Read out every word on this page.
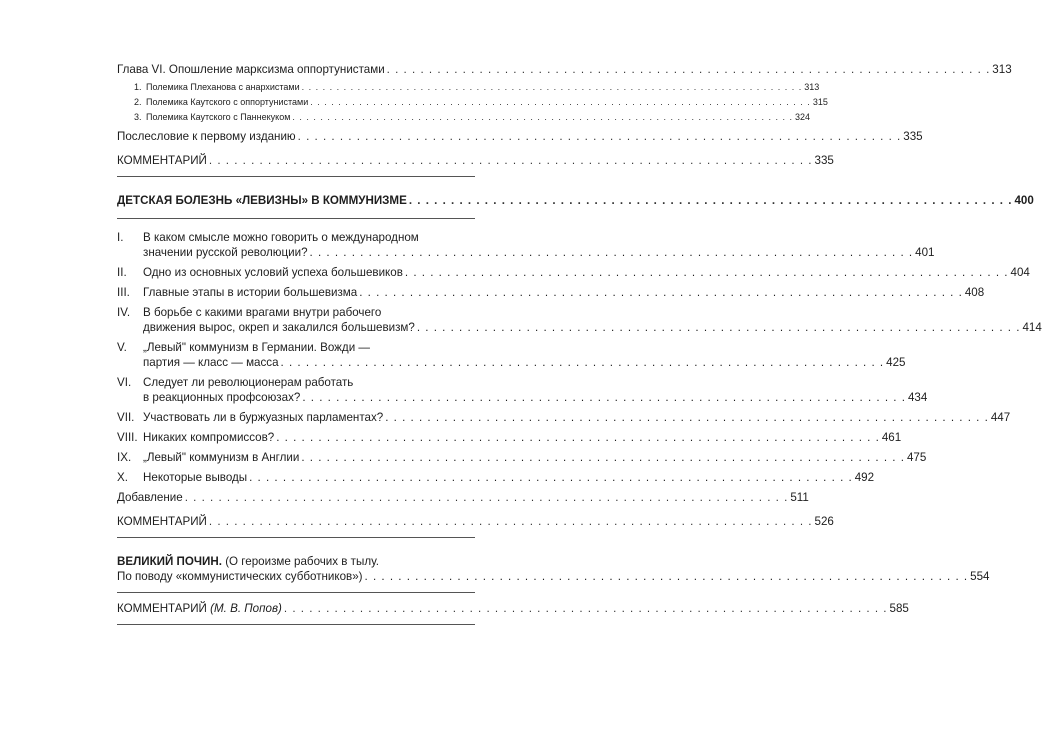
Глава VI. Опошление марксизма оппортунистами . . .	313
1. Полемика Плеханова с анархистами . . .	313
2. Полемика Каутского с оппортунистами . . .	315
3. Полемика Каутского с Паннекуком . . .	324
Послесловие к первому изданию . . .	335
КОММЕНТАРИЙ . . .	335
ДЕТСКАЯ БОЛЕЗНЬ «ЛЕВИЗНЫ» В КОММУНИЗМЕ . . .	400
I.	В каком смысле можно говорить о международном
значении русской революции? . . .	401
II.	Одно из основных условий успеха большевиков . . .	404
III.	Главные этапы в истории большевизма . . .	408
IV.	В борьбе с какими врагами внутри рабочего
движения вырос, окреп и закалился большевизм? . . .	414
V.	„Левый" коммунизм в Германии. Вожди —
партия — класс — масса . . .	425
VI.	Следует ли революционерам работать
в реакционных профсоюзах? . . .	434
VII. Участвовать ли в буржуазных парламентах? . . .	447
VIII. Никаких компромиссов? . . .	461
IX.	„Левый" коммунизм в Англии . . .	475
X.	Некоторые выводы . . .	492
Добавление . . .	511
КОММЕНТАРИЙ . . .	526
ВЕЛИКИЙ ПОЧИН. (О героизме рабочих в тылу.
По поводу «коммунистических субботников») . . .	554
КОММЕНТАРИЙ (М. В. Попов) . . .	585
